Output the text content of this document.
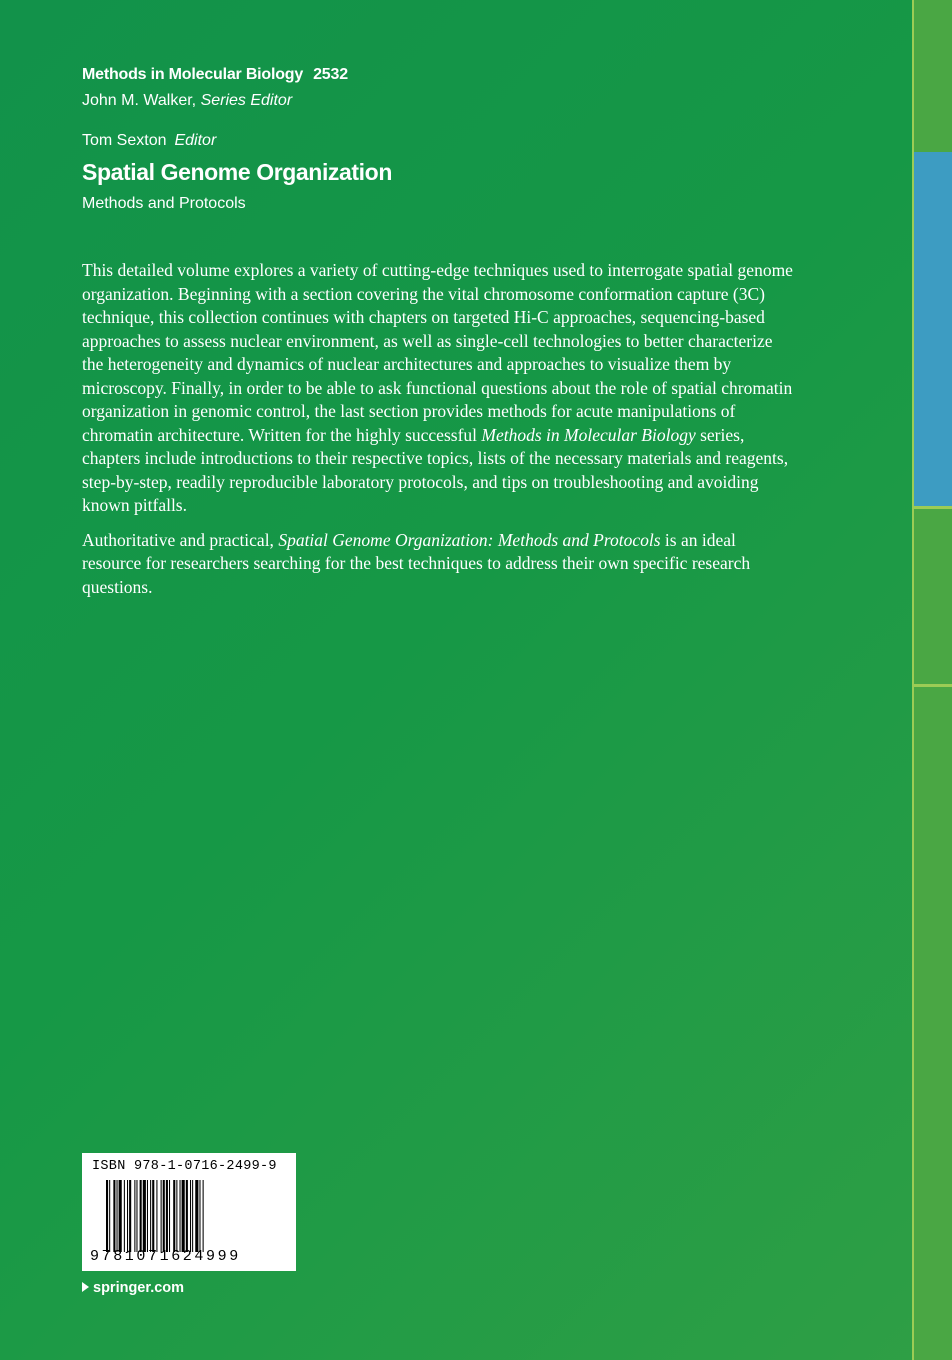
Methods in Molecular Biology 2532
John M. Walker, Series Editor
Tom Sexton Editor
Spatial Genome Organization
Methods and Protocols

This detailed volume explores a variety of cutting-edge techniques used to interrogate spatial genome organization. Beginning with a section covering the vital chromosome conformation capture (3C) technique, this collection continues with chapters on targeted Hi-C approaches, sequencing-based approaches to assess nuclear environment, as well as single-cell technologies to better characterize the heterogeneity and dynamics of nuclear architectures and approaches to visualize them by microscopy. Finally, in order to be able to ask functional questions about the role of spatial chromatin organization in genomic control, the last section provides methods for acute manipulations of chromatin architecture. Written for the highly successful Methods in Molecular Biology series, chapters include introductions to their respective topics, lists of the necessary materials and reagents, step-by-step, readily reproducible laboratory protocols, and tips on troubleshooting and avoiding known pitfalls.

Authoritative and practical, Spatial Genome Organization: Methods and Protocols is an ideal resource for researchers searching for the best techniques to address their own specific research questions.

ISBN 978-1-0716-2499-9
9781071624999
springer.com
